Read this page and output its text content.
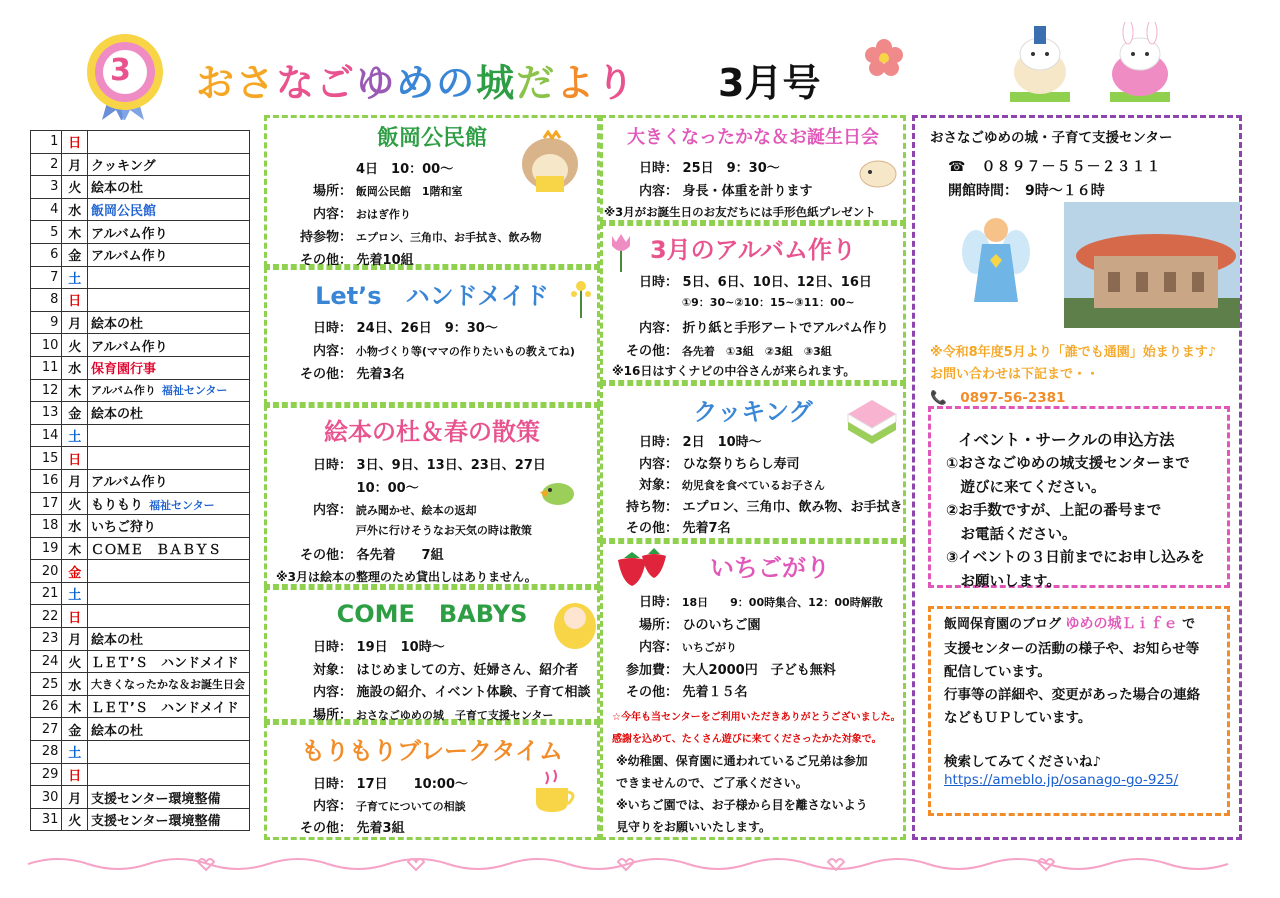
3 おさなごゆめの城だより 3月号
1	日	
2	月	クッキング
3	火	絵本の杜
4	水	飯岡公民館
5	木	アルバム作り
6	金	アルバム作り
7	土	
8	日	
9	月	絵本の杜
10	火	アルバム作り
11	水	保育園行事
12	木	アルバム作り 福祉センター
13	金	絵本の杜
14	土	
15	日	
16	月	アルバム作り
17	火	もりもり 福祉センター
18	水	いちご狩り
19	木	ＣＯＭＥ　ＢＡＢＹＳ
20	金	
21	土	
22	日	
23	月	絵本の杜
24	火	ＬＥＴ’Ｓ　ハンドメイド
25	水	大きくなったかな＆お誕生日会
26	木	ＬＥＴ’Ｓ　ハンドメイド
27	金	絵本の杜
28	土	
29	日	
30	月	支援センター環境整備
31	火	支援センター環境整備
飯岡公民館
4日　10：00～
場所： 飯岡公民館　1階和室
内容： おはぎ作り
持参物： エプロン、三角巾、お手拭き、飲み物
その他： 先着10組
Let’s　ハンドメイド
日時： 24日、26日　9：30～
内容： 小物づくり等(ママの作りたいもの教えてね)
その他： 先着3名
絵本の杜＆春の散策
日時： 3日、9日、13日、23日、27日
10：00～
内容： 読み聞かせ、絵本の返却
戸外に行けそうなお天気の時は散策
その他： 各先着　　7組
※3月は絵本の整理のため貸出しはありません。
COME　BABYS
日時： 19日　10時～
対象： はじめましての方、妊婦さん、紹介者
内容： 施設の紹介、イベント体験、子育て相談
場所： おさなごゆめの城　子育て支援センター
もりもりブレークタイム
日時： 17日　　10:00～
内容： 子育てについての相談
その他： 先着3組
大きくなったかな＆お誕生日会
日時： 25日　9：30～
内容： 身長・体重を計ります
※3月がお誕生日のお友だちには手形色紙プレゼント
3月のアルバム作り
日時： 5日、6日、10日、12日、16日
①9：30~②10：15~③11：00~
内容： 折り紙と手形アートでアルバム作り
その他： 各先着　①3組　②3組　③3組
※16日はすくナビの中谷さんが来られます。
クッキング
日時： 2日　10時～
内容： ひな祭りちらし寿司
対象： 幼児食を食べているお子さん
持ち物： エプロン、三角巾、飲み物、お手拭き
その他： 先着7名
いちごがり
日時： 18日　　9：00時集合、12：00時解散
場所： ひのいちご園
内容： いちごがり
参加費： 大人2000円　子ども無料
その他： 先着１５名
☆今年も当センターをご利用いただきありがとうございました。
感謝を込めて、たくさん遊びに来てくださったかた対象で。
※幼稚園、保育園に通われているご兄弟は参加
できませんので、ご了承ください。
※いちご園では、お子様から目を離さないよう
見守りをお願いいたします。
おさなごゆめの城・子育て支援センター
☎　０８９７－５５－２３１１
開館時間：　9時～１６時
※令和8年度5月より「誰でも通園」始まります♪
お問い合わせは下記まで・・
📞　0897-56-2381
イベント・サークルの申込方法
①おさなごゆめの城支援センターまで
　遊びに来てください。
②お手数ですが、上記の番号まで
　お電話ください。
③イベントの３日前までにお申し込みを
　お願いします。
飯岡保育園のブログ ゆめの城Ｌｉｆｅ で
支援センターの活動の様子や、お知らせ等
配信しています。
行事等の詳細や、変更があった場合の連絡
などもＵＰしています。
検索してみてくださいね♪
https://ameblo.jp/osanago-go-925/
